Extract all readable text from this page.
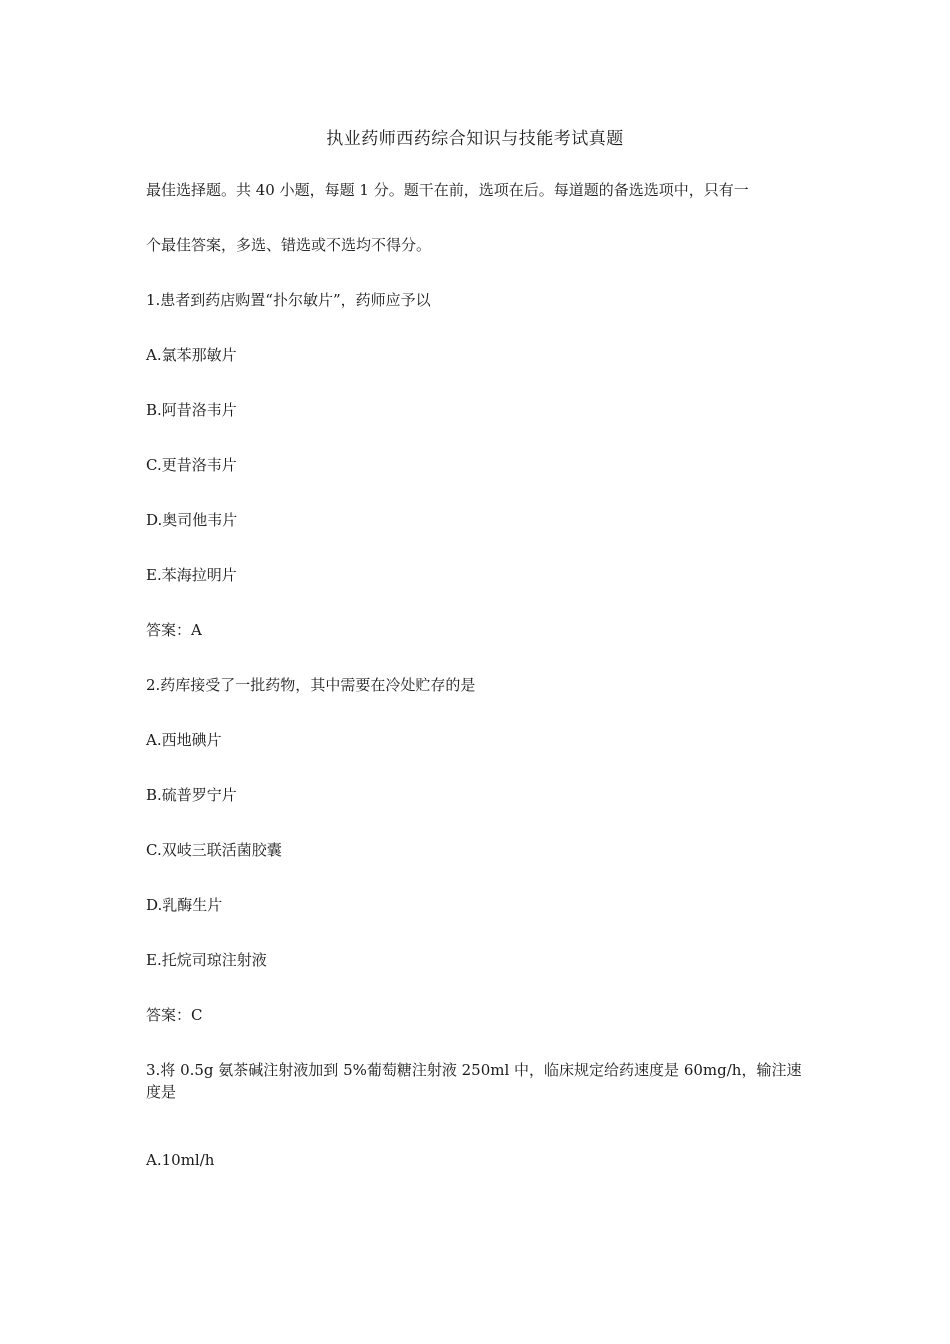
执业药师西药综合知识与技能考试真题
最佳选择题。共 40 小题，每题 1 分。题干在前，选项在后。每道题的备选选项中，只有一
个最佳答案，多选、错选或不选均不得分。
1.患者到药店购置“扑尔敏片”，药师应予以
A.氯苯那敏片
B.阿昔洛韦片
C.更昔洛韦片
D.奥司他韦片
E.苯海拉明片
答案：A
2.药库接受了一批药物，其中需要在冷处贮存的是
A.西地碘片
B.硫普罗宁片
C.双岐三联活菌胶囊
D.乳酶生片
E.托烷司琼注射液
答案：C
3.将 0.5g 氨茶碱注射液加到 5%葡萄糖注射液 250ml 中，临床规定给药速度是 60mg/h，输注速度是
A.10ml/h
